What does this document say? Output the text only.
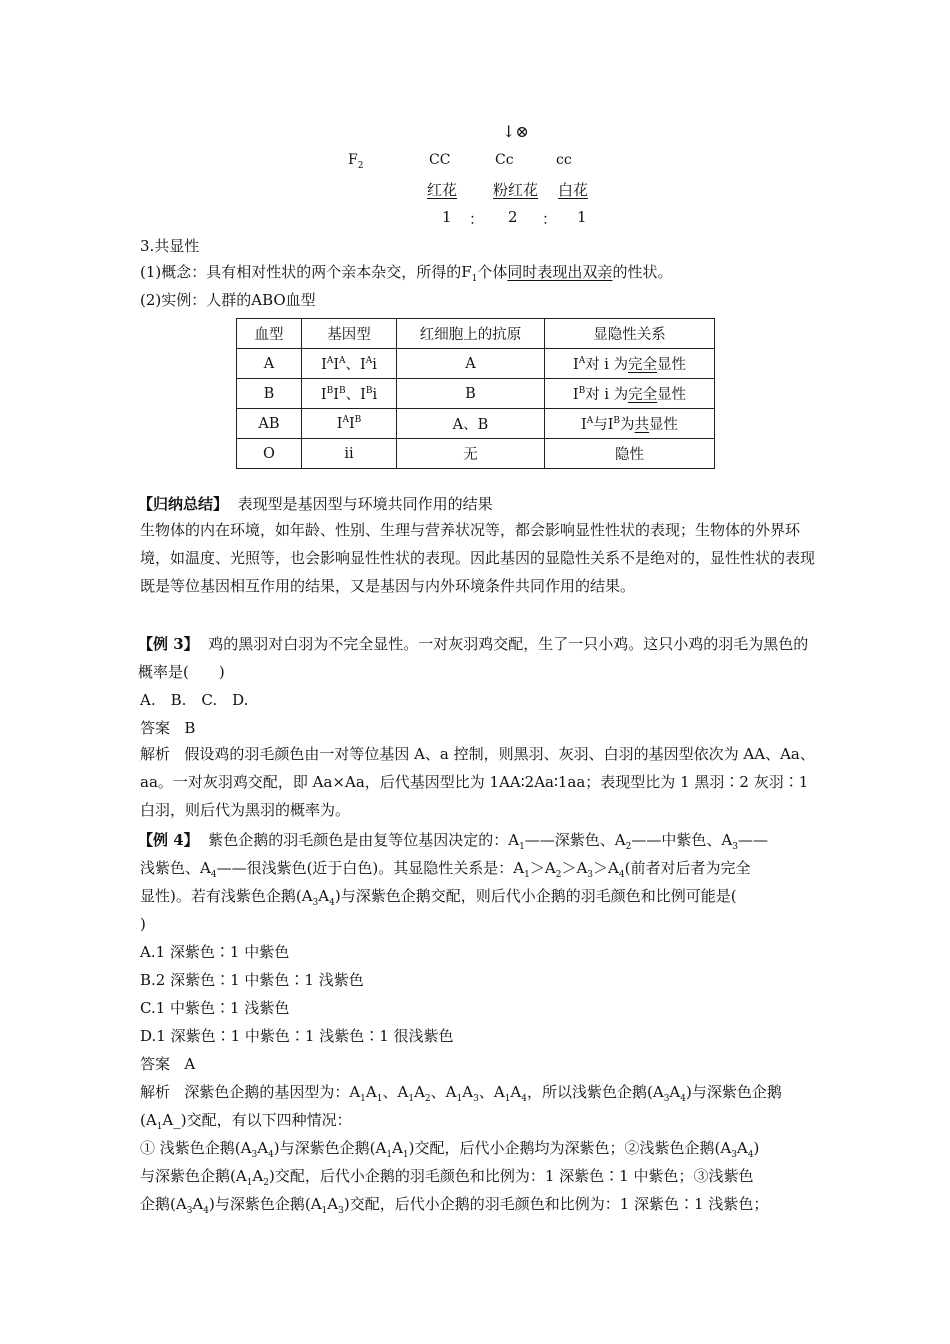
↓⊗
$F_2$	CC	Cc	cc
红花 粉红花 白花
1 ： 2 ： 1
3.共显性
(1)概念：具有相对性状的两个亲本杂交，所得的$F_1$个体同时表现出双亲的性状。
(2)实例：人群的ABO血型
血型	基因型	红细胞上的抗原	显隐性关系
A	$I^AI^A$、$I^Ai$	A	$I^A$对 i 为完全显性
B	$I^BI^B$、$I^Bi$	B	$I^B$对 i 为完全显性
AB	$I^AI^B$	A、B	$I^A$与$I^B$为共显性
O	ii	无	隐性
【归纳总结】 表现型是基因型与环境共同作用的结果
生物体的内在环境，如年龄、性别、生理与营养状况等，都会影响显性性状的表现；生物体的外界环境，如温度、光照等，也会影响显性性状的表现。因此基因的显隐性关系不是绝对的，显性性状的表现既是等位基因相互作用的结果，又是基因与内外环境条件共同作用的结果。
【例 3】 鸡的黑羽对白羽为不完全显性。一对灰羽鸡交配，生了一只小鸡。这只小鸡的羽毛为黑色的概率是(　　)
A.　B.　C.　D.
答案 B
解析 假设鸡的羽毛颜色由一对等位基因 A、a 控制，则黑羽、灰羽、白羽的基因型依次为 AA、Aa、aa。一对灰羽鸡交配，即 Aa×Aa，后代基因型比为 1AA∶2Aa∶1aa；表现型比为 1 黑羽∶2 灰羽∶1 白羽，则后代为黑羽的概率为。
【例 4】 紫色企鹅的羽毛颜色是由复等位基因决定的：$A_1——$深紫色、$A_2——$中紫色、$A_3——$
浅紫色、$A_4——$很浅紫色(近于白色)。其显隐性关系是：$A_1>A_2>A_3>A_4$(前者对后者为完全
显性)。若有浅紫色企鹅$(A_3A_4)$与深紫色企鹅交配，则后代小企鹅的羽毛颜色和比例可能是(
)
A.1 深紫色∶1 中紫色
B.2 深紫色∶1 中紫色∶1 浅紫色
C.1 中紫色∶1 浅紫色
D.1 深紫色∶1 中紫色∶1 浅紫色∶1 很浅紫色
答案 A
解析 深紫色企鹅的基因型为：$A_1A_1$、$A_1A_2$、$A_1A_3$、$A_1A_4$，所以浅紫色企鹅$(A_3A_4)$与深紫色企鹅
$(A_1A\_)$交配，有以下四种情况：
① 浅紫色企鹅$(A_3A_4)$与深紫色企鹅$(A_1A_1)$交配，后代小企鹅均为深紫色；②浅紫色企鹅$(A_3A_4)$
与深紫色企鹅$(A_1A_2)$交配，后代小企鹅的羽毛颜色和比例为：1 深紫色∶1 中紫色；③浅紫色
企鹅$(A_3A_4)$与深紫色企鹅$(A_1A_3)$交配，后代小企鹅的羽毛颜色和比例为：1 深紫色∶1 浅紫色；
